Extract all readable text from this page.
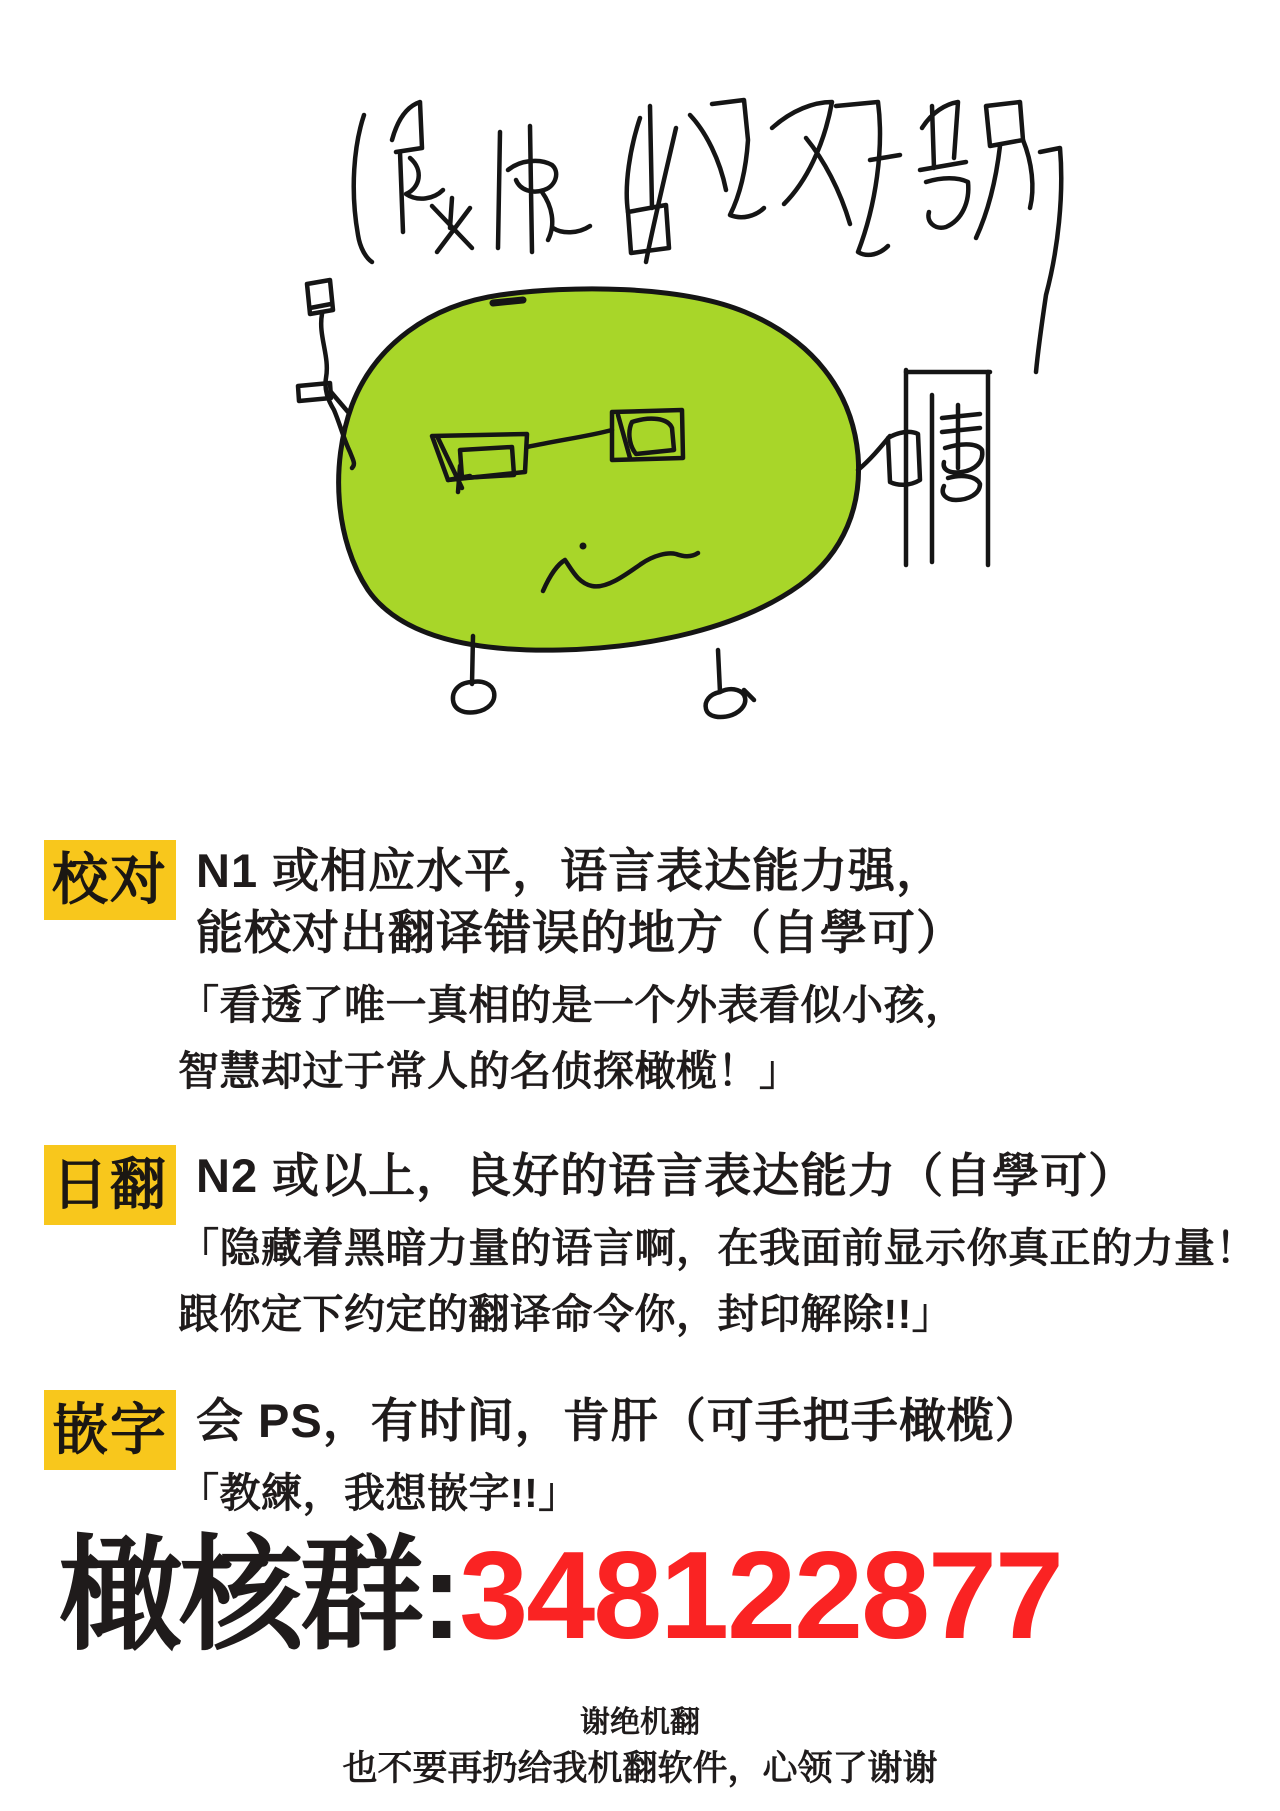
校对 N1 或相应水平，语言表达能力强，
能校对出翻译错误的地方（自學可）
「看透了唯一真相的是一个外表看似小孩，
智慧却过于常人的名侦探橄榄！」
日翻 N2 或以上，良好的语言表达能力（自學可）
「隐藏着黑暗力量的语言啊，在我面前显示你真正的力量！
跟你定下约定的翻译命令你，封印解除!!」
嵌字 会 PS，有时间，肯肝（可手把手橄榄）
「教練，我想嵌字!!」
橄核群: 348122877
谢绝机翻
也不要再扔给我机翻软件，心领了谢谢
